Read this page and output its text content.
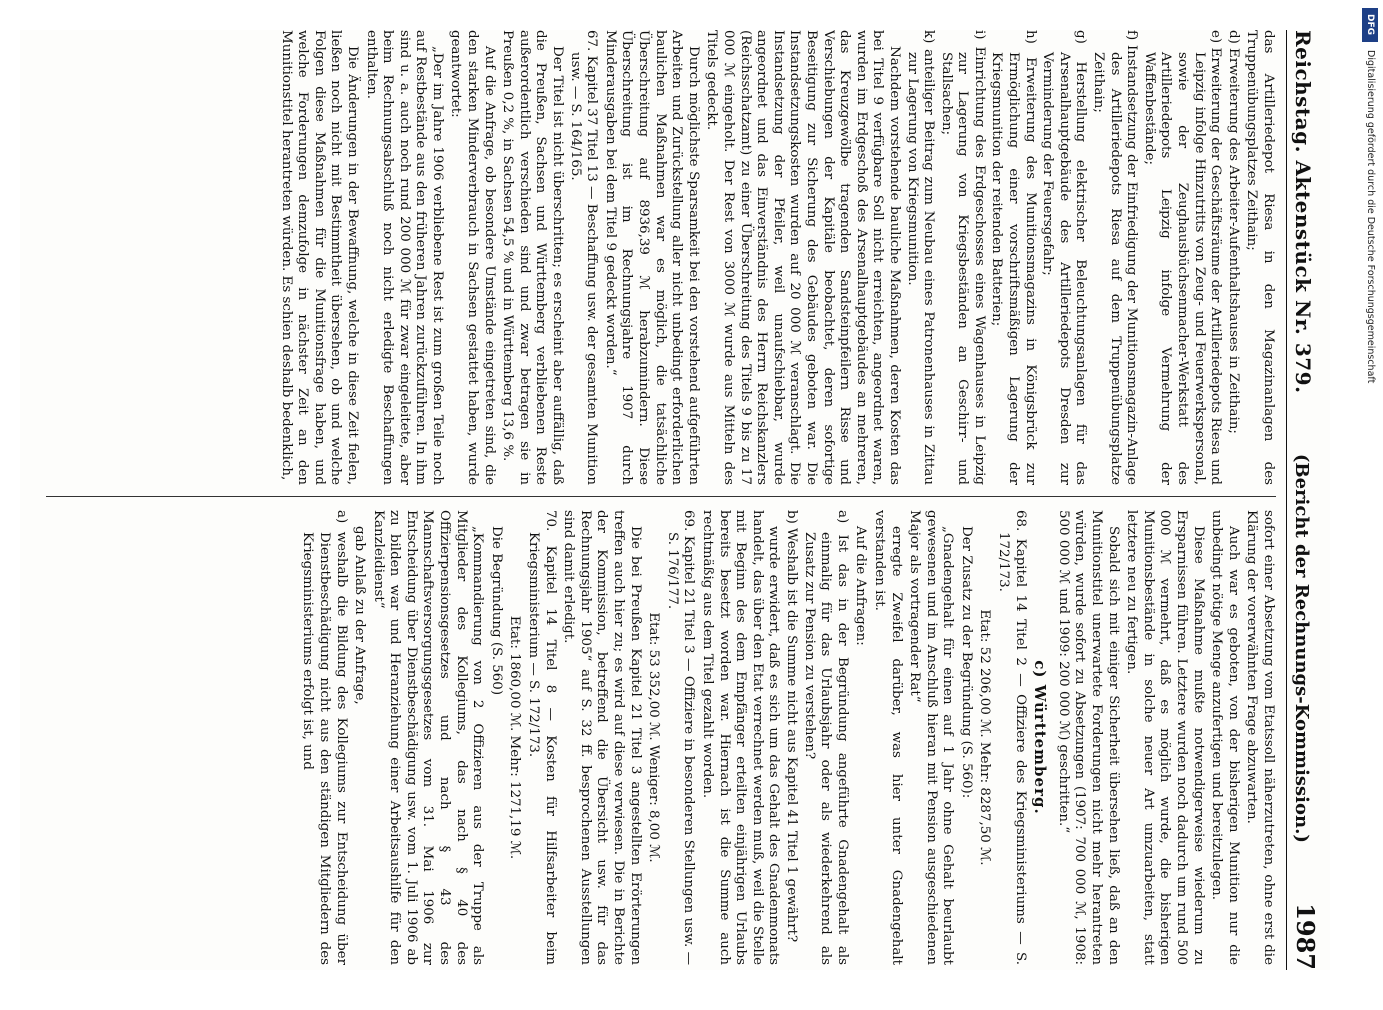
Reichstag. Aktenstück Nr. 379.
(Bericht der Rechnungs-Kommission.)
1987

das Artilleriedepot Riesa in den Magazinanlagen des Truppenübungsplatzes Zeithain;

d) Erweiterung des Arbeiter-Aufenthaltshauses in Zeithain;

e) Erweiterung der Geschäftsräume der Artilleriedepots Riesa und Leipzig infolge Hinzutritts von Zeug- und Feuerwerkspersonal, sowie der Zeughausbüchsenmacher-Werkstatt des Artilleriedepots Leipzig infolge Vermehrung der Waffenbestände;

f) Instandsetzung der Einfriedigung der Munitionsmagazin-Anlage des Artilleriedepots Riesa auf dem Truppenübungsplatze Zeithain;

g) Herstellung elektrischer Beleuchtungsanlagen für das Arsenalhauptgebäude des Artilleriedepots Dresden zur Verminderung der Feuersgefahr;

h) Erweiterung des Munitionsmagazins in Königsbrück zur Ermöglichung einer vorschriftsmäßigen Lagerung der Kriegsmunition der reitenden Batterien;

i) Einrichtung des Erdgeschosses eines Wagenhauses in Leipzig zur Lagerung von Kriegsbeständen an Geschirr- und Stallsachen;

k) anteiliger Beitrag zum Neubau eines Patronenhauses in Zittau zur Lagerung von Kriegsmunition.

Nachdem vorstehende bauliche Maßnahmen, deren Kosten das bei Titel 9 verfügbare Soll nicht erreichten, angeordnet waren, wurden im Erdgeschoß des Arsenalhauptgebäudes an mehreren, das Kreuzgewölbe tragenden Sandsteinpfeilern Risse und Verschiebungen der Kapitäle beobachtet, deren sofortige Beseitigung zur Sicherung des Gebäudes geboten war. Die Instandsetzungskosten wurden auf 20 000 ℳ veranschlagt. Die Instandsetzung der Pfeiler, weil unaufschiebbar, wurde angeordnet und das Einverständnis des Herrn Reichskanzlers (Reichsschatzamt) zu einer Überschreitung des Titels 9 bis zu 17 000 ℳ eingeholt. Der Rest von 3000 ℳ wurde aus Mitteln des Titels gedeckt.

Durch möglichste Sparsamkeit bei den vorstehend aufgeführten Arbeiten und Zurückstellung aller nicht unbedingt erforderlichen baulichen Maßnahmen war es möglich, die tatsächliche Überschreitung auf 8936,39 ℳ herabzumindern. Diese Überschreitung ist im Rechnungsjahre 1907 durch Minderausgaben bei dem Titel 9 gedeckt worden.“

67. Kapitel 37 Titel 13 — Beschaffung usw. der gesamten Munition usw. — S. 164/165.

Der Titel ist nicht überschritten; es erscheint aber auffällig, daß die Preußen, Sachsen und Württemberg verbliebenen Reste außerordentlich verschieden sind und zwar betragen sie in Preußen 0,2 %, in Sachsen 54,5 % und in Württemberg 13,6 %.

Auf die Anfrage, ob besondere Umstände eingetreten sind, die den starken Minderverbrauch in Sachsen gestattet haben, wurde geantwortet:

„Der im Jahre 1906 verbliebene Rest ist zum großen Teile noch auf Restbestände aus den früheren Jahren zurückzuführen. In ihm sind u. a. auch noch rund 200 000 ℳ für zwar eingeleitete, aber beim Rechnungsabschluß noch nicht erledigte Beschaffungen enthalten.

Die Änderungen in der Bewaffnung, welche in diese Zeit fielen, ließen noch nicht mit Bestimmtheit übersehen, ob und welche Folgen diese Maßnahmen für die Munitionsfrage haben, und welche Forderungen demzufolge in nächster Zeit an den Munitionstitel herantreten würden. Es schien deshalb bedenklich,

sofort einer Absetzung vom Etatssoll näherzutreten, ohne erst die Klärung der vorerwähnten Frage abzuwarten.

Auch war es geboten, von der bisherigen Munition nur die unbedingt nötige Menge anzufertigen und bereitzulegen.

Diese Maßnahme mußte notwendigerweise wiederum zu Ersparnissen führen. Letztere wurden noch dadurch um rund 500 000 ℳ vermehrt, daß es möglich wurde, die bisherigen Munitionsbestände in solche neuer Art umzuarbeiten, statt letztere neu zu fertigen.

Sobald sich mit einiger Sicherheit übersehen ließ, daß an den Munitionstitel unerwartete Forderungen nicht mehr herantreten würden, wurde sofort zu Absetzungen (1907: 700 000 ℳ, 1908: 500 000 ℳ und 1909: 200 000 ℳ) geschritten.“

c) Württemberg.

68. Kapitel 14 Titel 2 — Offiziere des Kriegsministeriums — S. 172/173.

Etat: 52 206,00 ℳ. Mehr: 8287,50 ℳ.

Der Zusatz zu der Begründung (S. 560):

„Gnadengehalt für einen auf 1 Jahr ohne Gehalt beurlaubt gewesenen und im Anschluß hieran mit Pension ausgeschiedenen Major als vortragender Rat“

erregte Zweifel darüber, was hier unter Gnadengehalt verstanden ist.

Auf die Anfragen:

a) Ist das in der Begründung angeführte Gnadengehalt als einmalig für das Urlaubsjahr oder als wiederkehrend als Zusatz zur Pension zu verstehen?

b) Weshalb ist die Summe nicht aus Kapitel 41 Titel 1 gewährt?

wurde erwidert, daß es sich um das Gehalt des Gnadenmonats handelt, das über den Etat verrechnet werden muß, weil die Stelle mit Beginn des dem Empfänger erteilten einjährigen Urlaubs bereits besetzt worden war. Hiernach ist die Summe auch rechtmäßig aus dem Titel gezahlt worden.

69. Kapitel 21 Titel 3 — Offiziere in besonderen Stellungen usw. — S. 176/177.

Etat: 53 352,00 ℳ. Weniger: 8,00 ℳ.

Die bei Preußen Kapitel 21 Titel 3 angestellten Erörterungen treffen auch hier zu; es wird auf diese verwiesen. Die in Berichte der Kommission, betreffend die Übersicht usw. für das Rechnungsjahr 1905“ auf S. 32 ff. besprochenen Ausstellungen sind damit erledigt.

70. Kapitel 14 Titel 8 — Kosten für Hilfsarbeiter beim Kriegsministerium — S. 172/173.

Etat: 1860,00 ℳ. Mehr: 1271,19 ℳ.

Die Begründung (S. 560)

„Kommandierung von 2 Offizieren aus der Truppe als Mitglieder des Kollegiums, das nach § 40 des Offizierpensionsgesetzes und nach § 43 des Mannschaftsversorgungsgesetzes vom 31. Mai 1906 zur Entscheidung über Dienstbeschädigung usw. vom 1. Juli 1906 ab zu bilden war und Heranziehung einer Arbeitsaushilfe für den Kanzleidienst“

gab Anlaß zu der Anfrage,

a) weshalb die Bildung des Kollegiums zur Entscheidung über Dienstbeschädigung nicht aus den ständigen Mitgliedern des Kriegsministeriums erfolgt ist, und

DFG
Digitalisierung gefördert durch die Deutsche Forschungsgemeinschaft
